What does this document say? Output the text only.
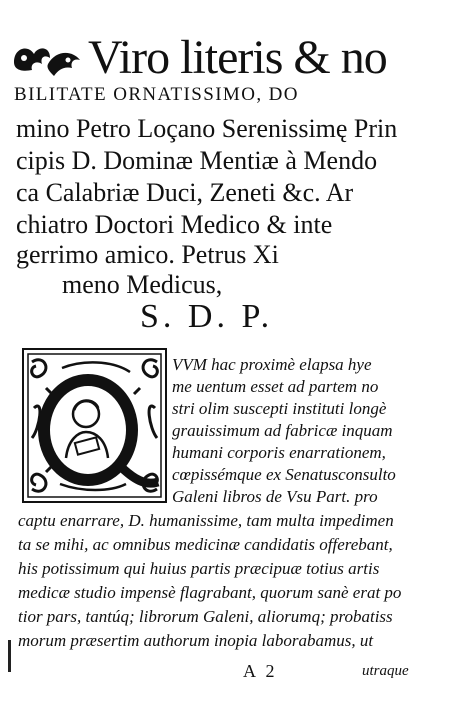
Viro literis & no
BILITATE ORNATISSIMO, DO
mino Petro Loçano Serenissimę Prin
cipis D. Dominæ Mentiæ à Mendo
ca Calabriæ Duci, Zeneti &c. Ar
chiatro Doctori Medico & inte
gerrimo amico. Petrus Xi
meno Medicus,
S. D. P.
VVM hac proximè elapsa hye
me uentum esset ad partem no
stri olim suscepti instituti longè
grauissimum ad fabricæ inquam
humani corporis enarrationem,
cœpissémque ex Senatusconsulto
Galeni libros de Vsu Part. pro
captu enarrare, D. humanissime, tam multa impedimen
ta se mihi, ac omnibus medicinæ candidatis offerebant,
his potissimum qui huius partis præcipuæ totius artis
medicæ studio impensè flagrabant, quorum sanè erat po
tior pars, tantúq; librorum Galeni, aliorumq; probatiss
morum præsertim authorum inopia laborabamus, ut
A 2	utraque
